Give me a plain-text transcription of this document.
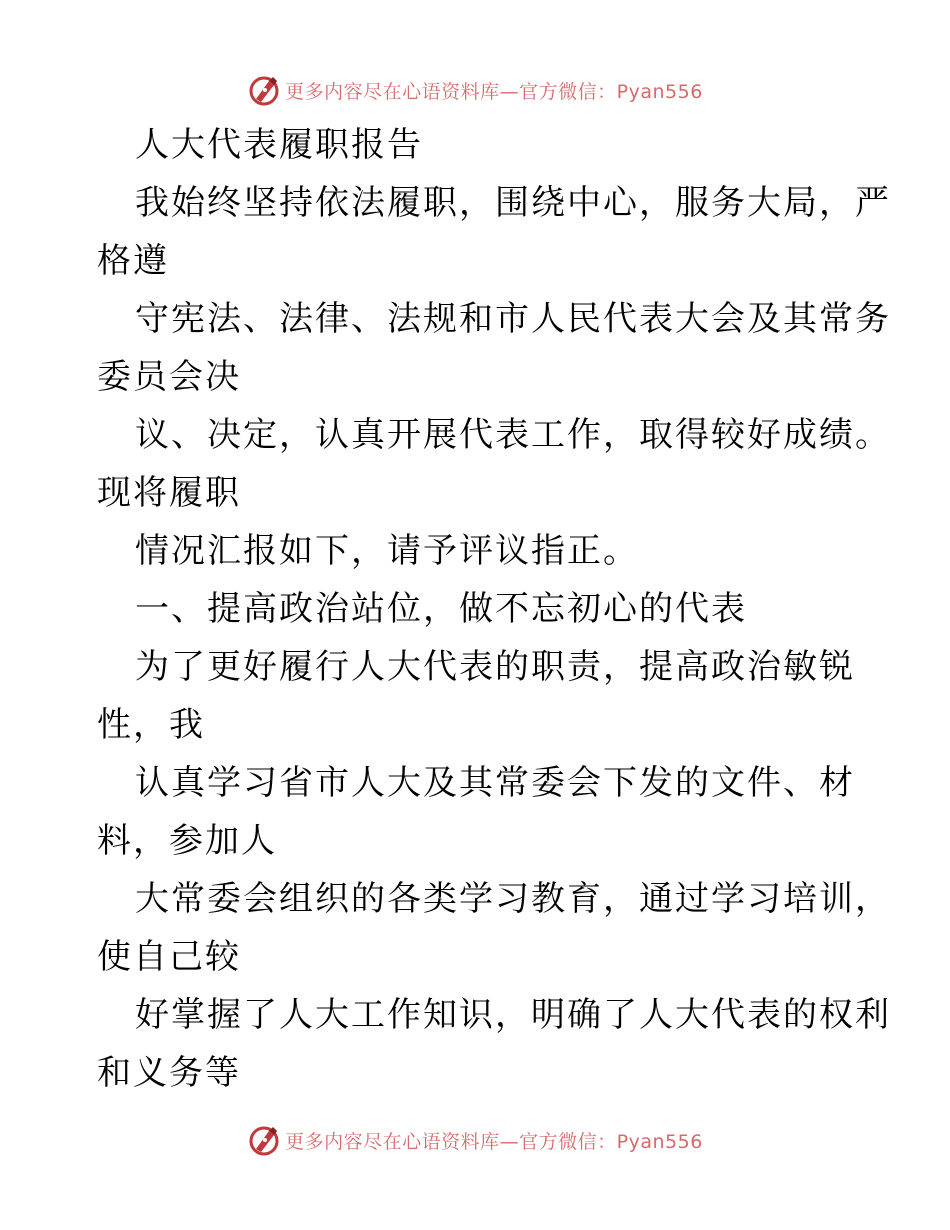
更多内容尽在心语资料库—官方微信：Pyan556
人大代表履职报告
我始终坚持依法履职，围绕中心，服务大局，严
格遵
守宪法、法律、法规和市人民代表大会及其常务
委员会决
议、决定，认真开展代表工作，取得较好成绩。
现将履职
情况汇报如下，请予评议指正。
一、提高政治站位，做不忘初心的代表
为了更好履行人大代表的职责，提高政治敏锐
性，我
认真学习省市人大及其常委会下发的文件、材
料，参加人
大常委会组织的各类学习教育，通过学习培训，
使自己较
好掌握了人大工作知识，明确了人大代表的权利
和义务等
更多内容尽在心语资料库—官方微信：Pyan556
